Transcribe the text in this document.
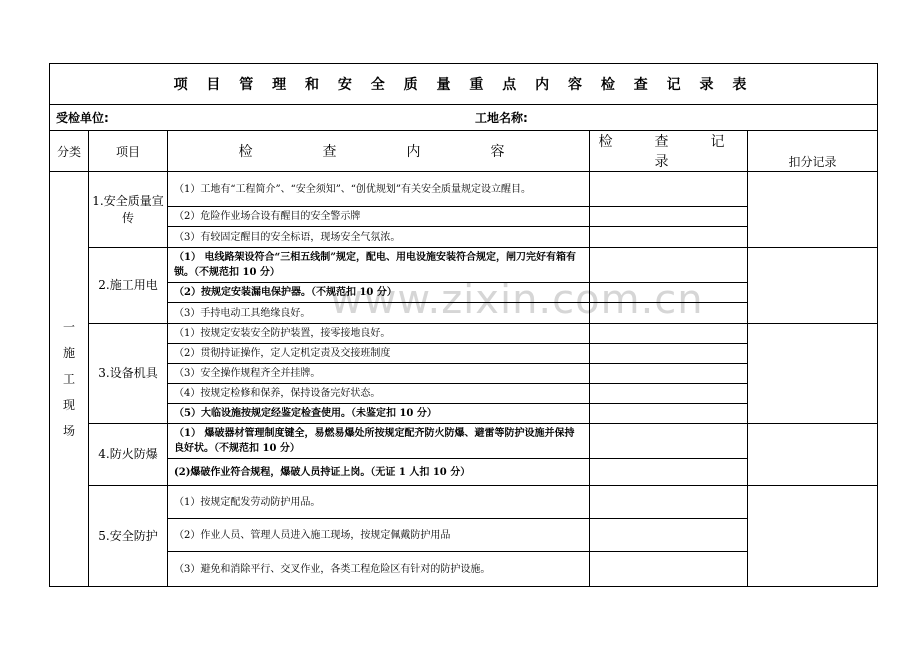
www.zixin.com.cn
项 目 管 理 和 安 全 质 量 重 点 内 容 检 查 记 录 表				
受检单位: 工地名称:				
分类	项目	检　　查　　内　　容	检　查　记　录	扣分记录

一
施
工
现
场	1.安全质量宣传	（1）工地有“工程简介”、“安全须知”、“创优规划”有关安全质量规定设立醒目。		
		（2）危险作业场合设有醒目的安全警示牌		
		（3）有较固定醒目的安全标语，现场安全气氛浓。		
	2.施工用电	（1） 电线路架设符合“三相五线制”规定，配电、用电设施安装符合规定，闸刀完好有箱有锁。（不规范扣 10 分）		
		（2）按规定安装漏电保护器。（不规范扣 10 分）		
		（3）手持电动工具绝缘良好。		
	3.设备机具	（1）按规定安装安全防护装置，接零接地良好。		
		（2）贯彻持证操作，定人定机定责及交接班制度		
		（3）安全操作规程齐全并挂牌。		
		（4）按规定检修和保养，保持设备完好状态。		
		（5）大临设施按规定经鉴定检查使用。（未鉴定扣 10 分）		
	4.防火防爆	（1） 爆破器材管理制度键全，易燃易爆处所按规定配齐防火防爆、避雷等防护设施并保持良好状。（不规范扣 10 分）		
		(2)爆破作业符合规程，爆破人员持证上岗。（无证 1 人扣 10 分）		
	5.安全防护	（1）按规定配发劳动防护用品。		
		（2）作业人员、管理人员进入施工现场，按规定佩戴防护用品		
		（3）避免和消除平行、交叉作业，各类工程危险区有针对的防护设施。		
